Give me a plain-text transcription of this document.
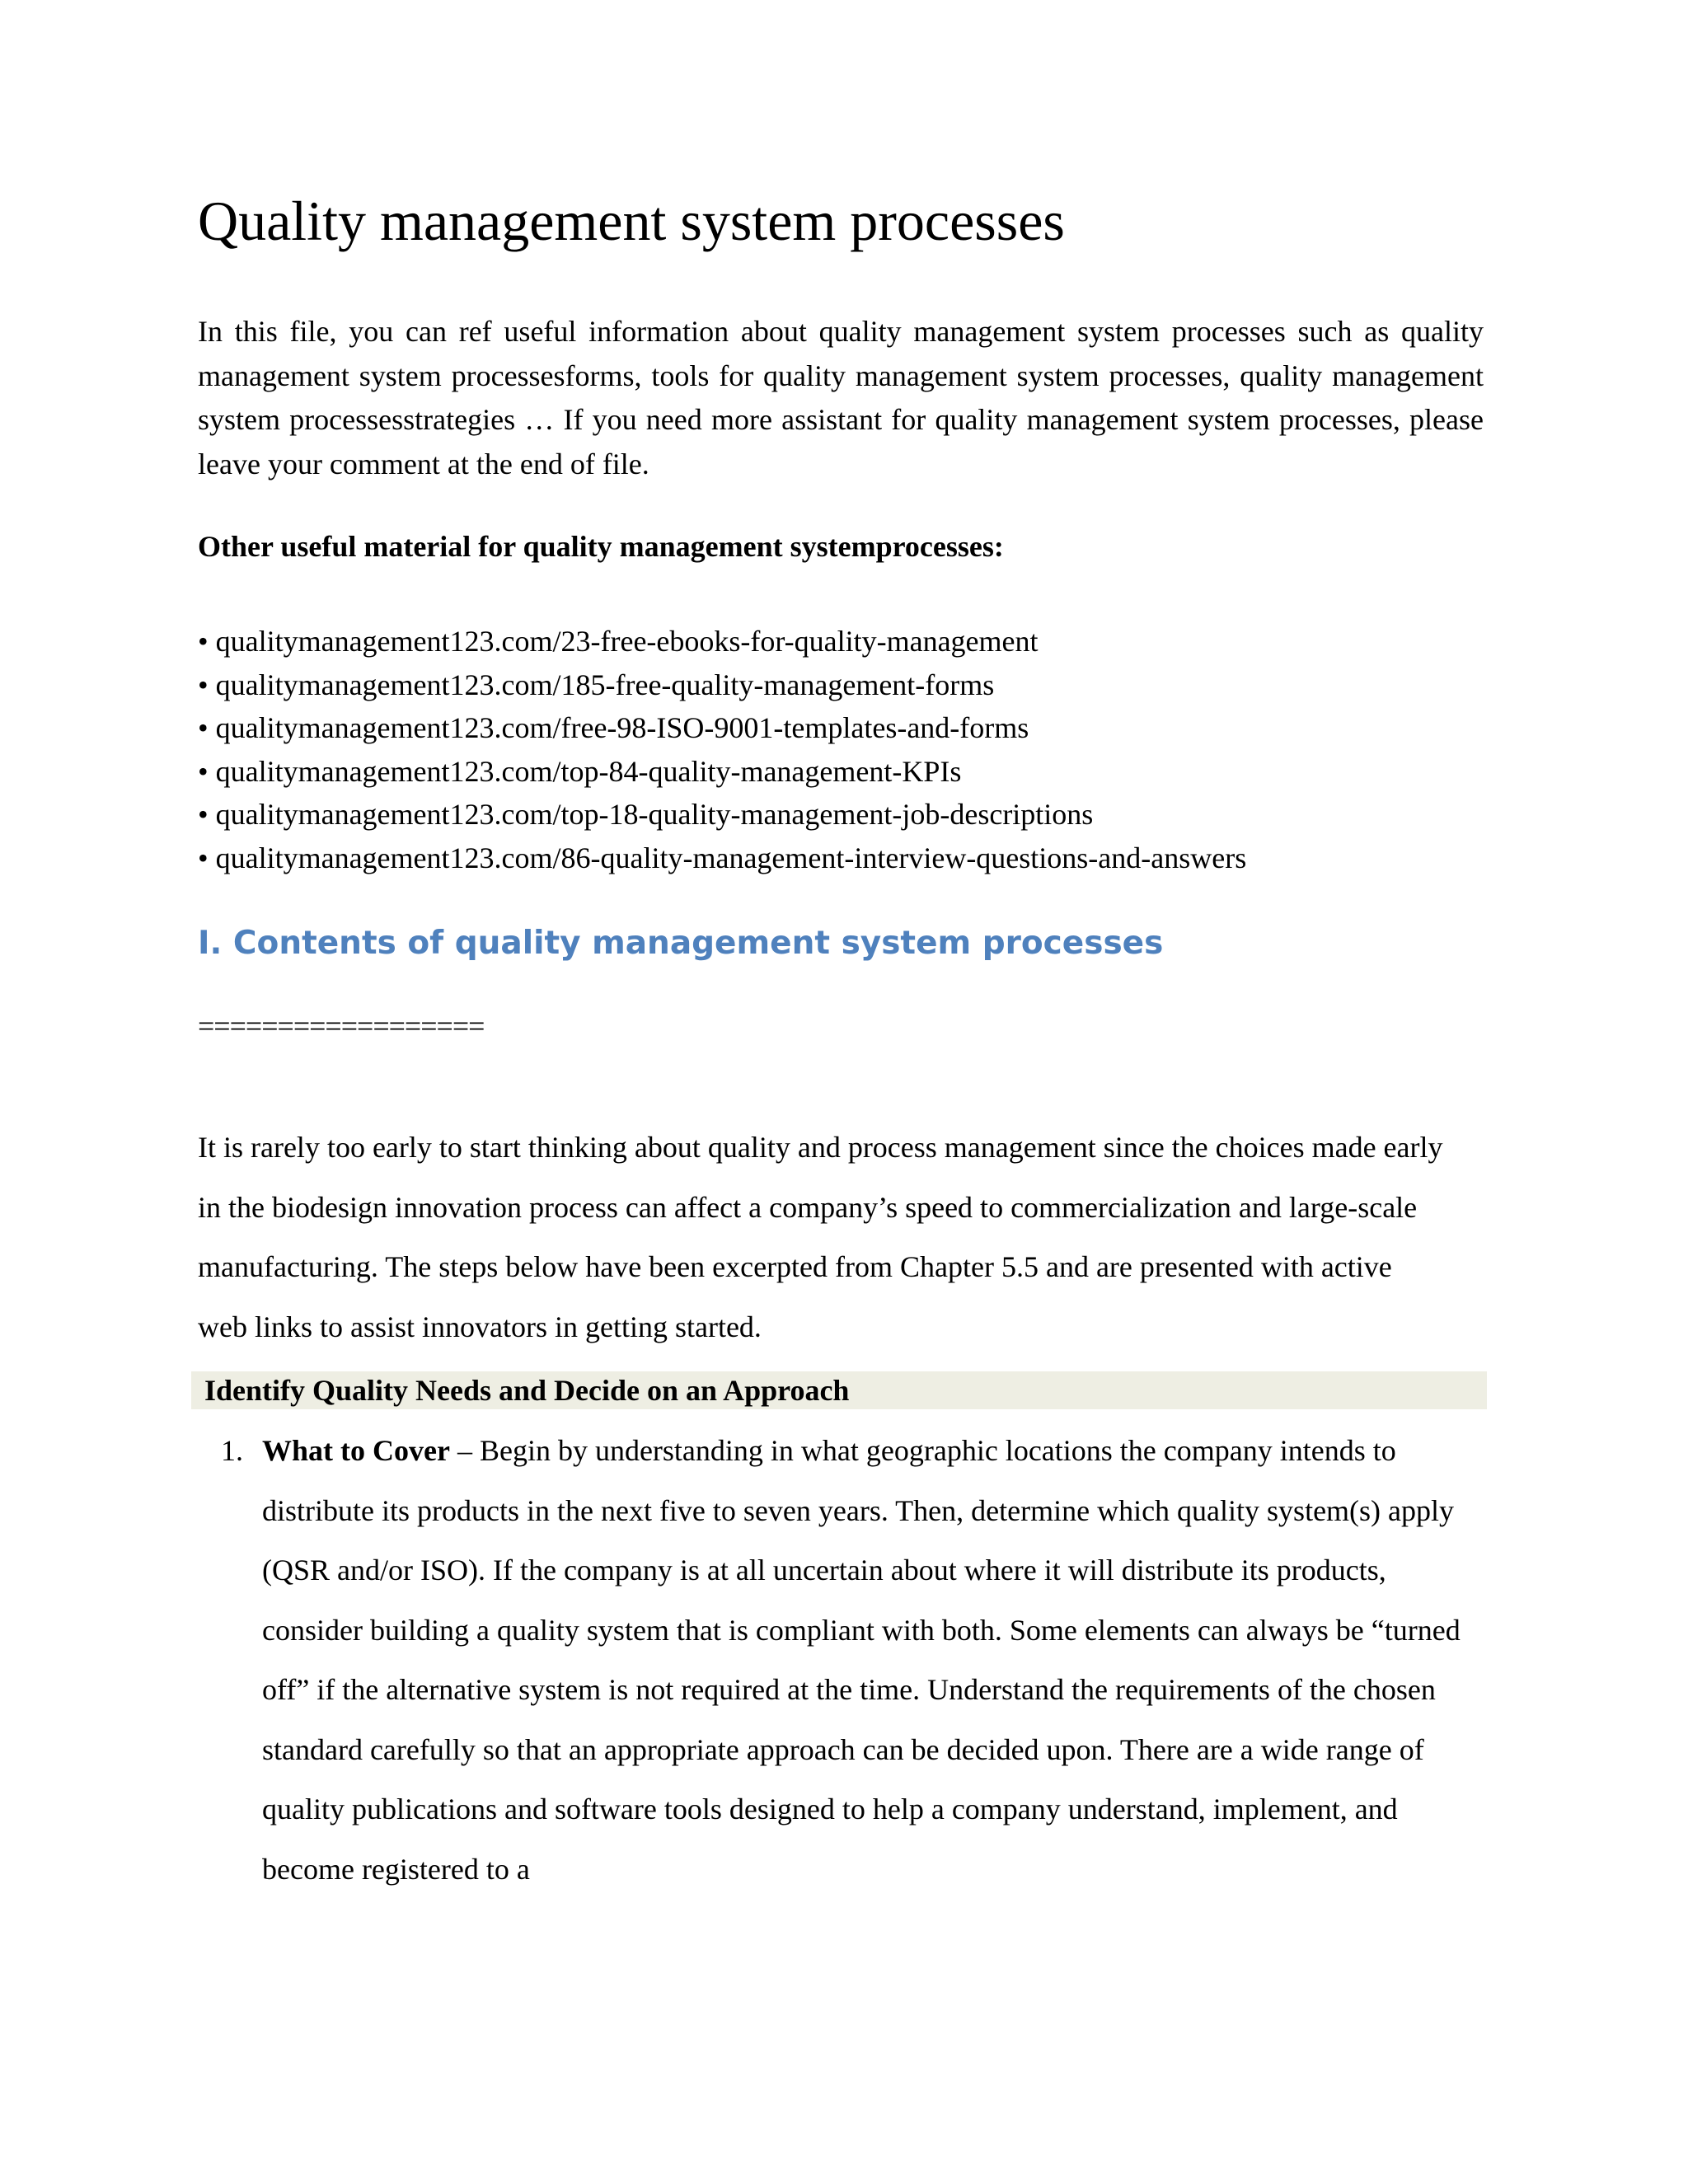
Quality management system processes

In this file, you can ref useful information about quality management system processes such as quality management system processesforms, tools for quality management system processes, quality management system processesstrategies … If you need more assistant for quality management system processes, please leave your comment at the end of file.

Other useful material for quality management systemprocesses:

• qualitymanagement123.com/23-free-ebooks-for-quality-management
• qualitymanagement123.com/185-free-quality-management-forms
• qualitymanagement123.com/free-98-ISO-9001-templates-and-forms
• qualitymanagement123.com/top-84-quality-management-KPIs
• qualitymanagement123.com/top-18-quality-management-job-descriptions
• qualitymanagement123.com/86-quality-management-interview-questions-and-answers
I. Contents of quality management system processes

==================

It is rarely too early to start thinking about quality and process management since the choices made early in the biodesign innovation process can affect a company’s speed to commercialization and large-scale manufacturing. The steps below have been excerpted from Chapter 5.5 and are presented with active web links to assist innovators in getting started.

Identify Quality Needs and Decide on an Approach
1. What to Cover – Begin by understanding in what geographic locations the company intends to distribute its products in the next five to seven years. Then, determine which quality system(s) apply (QSR and/or ISO). If the company is at all uncertain about where it will distribute its products, consider building a quality system that is compliant with both. Some elements can always be “turned off” if the alternative system is not required at the time. Understand the requirements of the chosen standard carefully so that an appropriate approach can be decided upon. There are a wide range of quality publications and software tools designed to help a company understand, implement, and become registered to a
